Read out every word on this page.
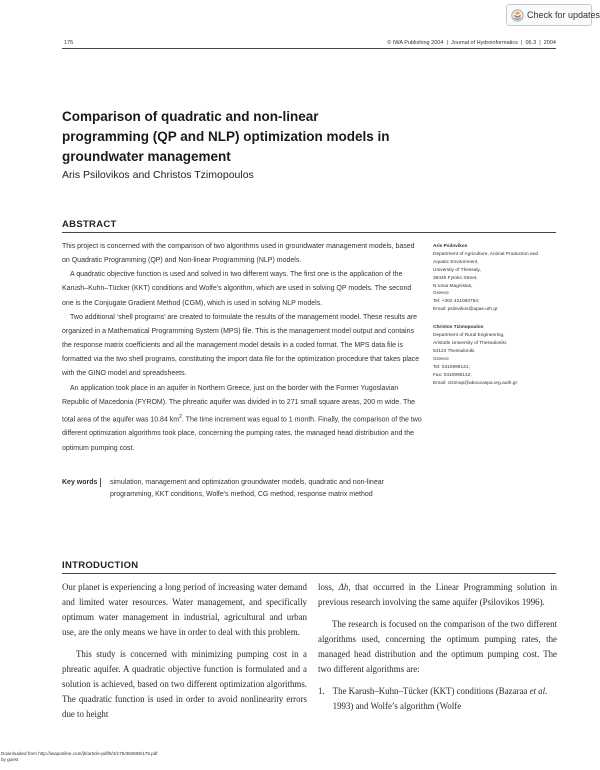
Check for updates
175	© IWA Publishing 2004  |  Journal of Hydroinformatics  |  06.3  |  2004
Comparison of quadratic and non-linear programming (QP and NLP) optimization models in groundwater management
Aris Psilovikos and Christos Tzimopoulos
ABSTRACT

This project is concerned with the comparison of two algorithms used in groundwater management models, based on Quadratic Programming (QP) and Non-linear Programming (NLP) models.

A quadratic objective function is used and solved in two different ways. The first one is the application of the Karush–Kuhn–Tücker (KKT) conditions and Wolfe’s algorithm, which are used in solving QP models. The second one is the Conjugate Gradient Method (CGM), which is used in solving NLP models.

Two additional ‘shell programs’ are created to formulate the results of the management model. These results are organized in a Mathematical Programming System (MPS) file. This is the management model output and contains the response matrix coefficients and all the management model details in a coded format. The MPS data file is formatted via the two shell programs, constituting the import data file for the optimization procedure that takes place with the GINO model and spreadsheets.

An application took place in an aquifer in Northern Greece, just on the border with the Former Yugoslavian Republic of Macedonia (FYROM). The phreatic aquifer was divided in to 271 small square areas, 200 m wide. The total area of the aquifer was 10.84 $km^2$. The time increment was equal to 1 month. Finally, the comparison of the two different optimization algorithms took place, concerning the pumping rates, the managed head distribution and the optimum pumping cost.

Key words simulation, management and optimization groundwater models, quadratic and non-linear programming, KKT conditions, Wolfe’s method, CG method, response matrix method
Aris Psilovikos
Department of Agriculture, Animal Production and
Aquatic Environment,
University of Thessaly,
38446 Fytoko Street,
N.Ionia Magnisias,
Greece
Tel: +302 421093754;
Email: psilovikos@apae.uth.gr
Christos Tzimopoulos
Department of Rural Engineering,
Aristotle University of Thessaloniki,
54124 Thessaloniki,
Greece
Tel: 0310996141;
Fax: 0310996142;
Email: ctzimop@aboucaspa.org.auth.gr
INTRODUCTION

Our planet is experiencing a long period of increasing water demand and limited water resources. Water management, and specifically optimum water management in industrial, agricultural and urban use, are the only means we have in order to deal with this problem.

This study is concerned with minimizing pumping cost in a phreatic aquifer. A quadratic objective function is formulated and a solution is achieved, based on two different optimization algorithms. The quadratic function is used in order to avoid nonlinearity errors due to height

loss, Δh, that occurred in the Linear Programming solution in previous research involving the same aquifer (Psilovikos 1996).

The research is focused on the comparison of the two different algorithms used, concerning the optimum pumping rates, the managed head distribution and the optimum pumping cost. The two different algorithms are:

1. The Karush–Kuhn–Tücker (KKT) conditions (Bazaraa et al. 1993) and Wolfe’s algorithm (Wolfe
Downloaded from http://iwaponline.com/jh/article-pdf/6/3/175/392669/175.pdf
by guest
